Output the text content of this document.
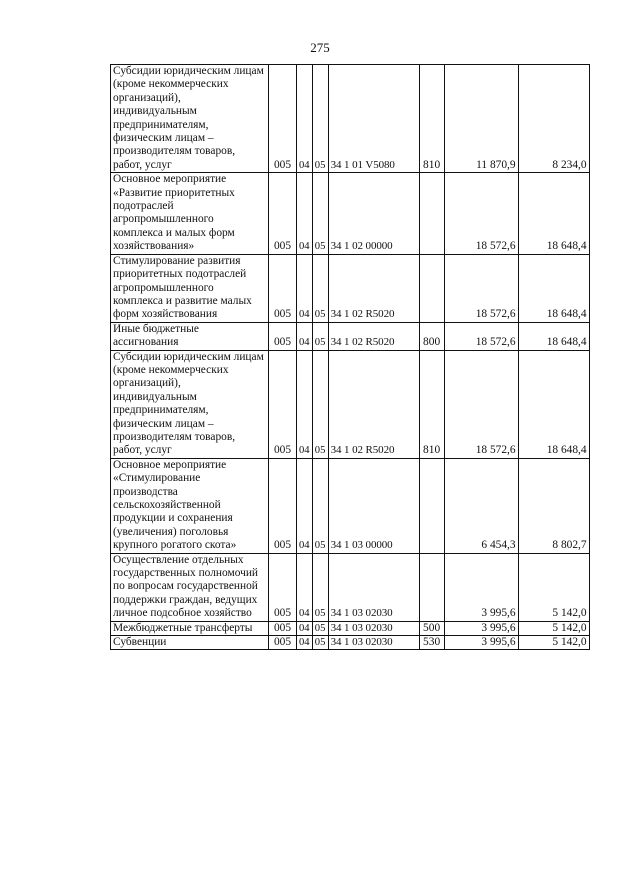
275
Субсидии юридическим лицам (кроме некоммерческих организаций), индивидуальным предпринимателям, физическим лицам – производителям товаров, работ, услуг	005	04	05	34 1 01 V5080	810	11 870,9	8 234,0
Основное мероприятие «Развитие приоритетных подотраслей агропромышленного комплекса и малых форм хозяйствования»	005	04	05	34 1 02 00000		18 572,6	18 648,4
Стимулирование развития приоритетных подотраслей агропромышленного комплекса и развитие малых форм хозяйствования	005	04	05	34 1 02 R5020		18 572,6	18 648,4
Иные бюджетные ассигнования	005	04	05	34 1 02 R5020	800	18 572,6	18 648,4
Субсидии юридическим лицам (кроме некоммерческих организаций), индивидуальным предпринимателям, физическим лицам – производителям товаров, работ, услуг	005	04	05	34 1 02 R5020	810	18 572,6	18 648,4
Основное мероприятие «Стимулирование производства сельскохозяйственной продукции и сохранения (увеличения) поголовья крупного рогатого скота»	005	04	05	34 1 03 00000		6 454,3	8 802,7
Осуществление отдельных государственных полномочий по вопросам государственной поддержки граждан, ведущих личное подсобное хозяйство	005	04	05	34 1 03 02030		3 995,6	5 142,0
Межбюджетные трансферты	005	04	05	34 1 03 02030	500	3 995,6	5 142,0
Субвенции	005	04	05	34 1 03 02030	530	3 995,6	5 142,0
